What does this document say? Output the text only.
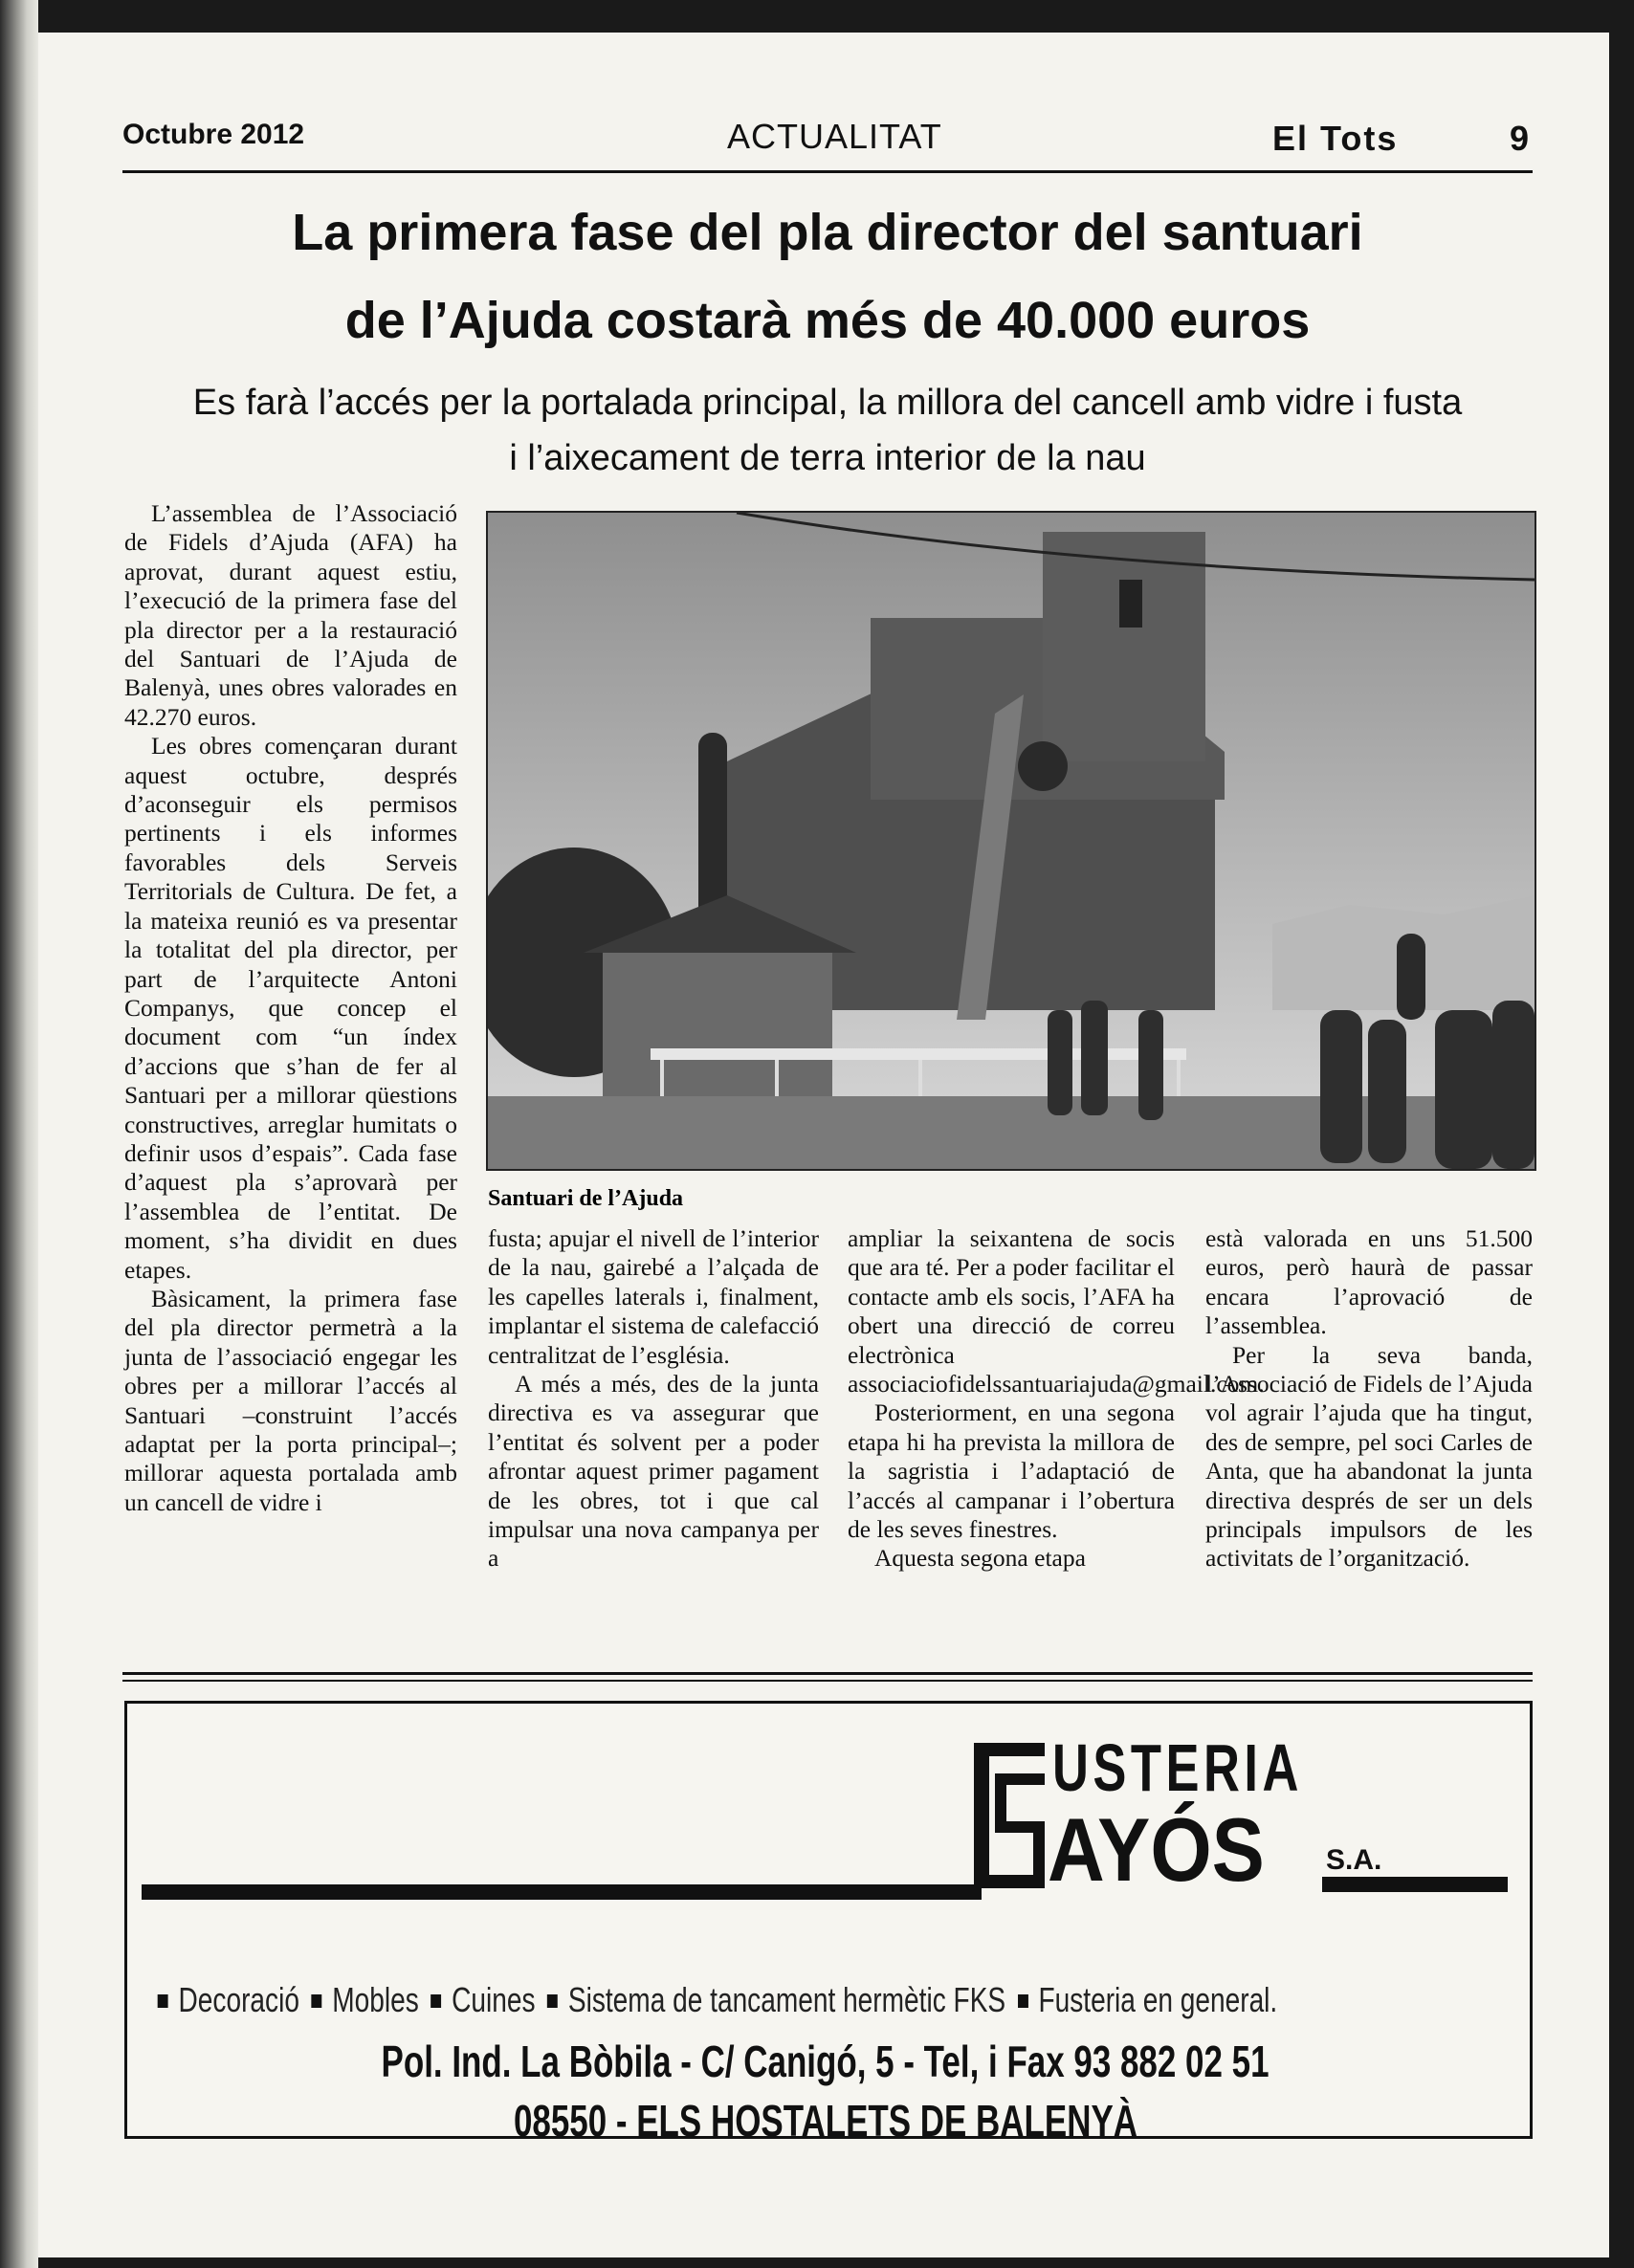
Octubre 2012	ACTUALITAT	El Tots	9
La primera fase del pla director del santuari
de l’Ajuda costarà més de 40.000 euros
Es farà l’accés per la portalada principal, la millora del cancell amb vidre i fusta
i l’aixecament de terra interior de la nau

L’assemblea de l’Associació de Fidels d’Ajuda (AFA) ha aprovat, durant aquest estiu, l’execució de la primera fase del pla director per a la restauració del Santuari de l’Ajuda de Balenyà, unes obres valorades en 42.270 euros.

Les obres començaran durant aquest octubre, després d’aconseguir els permisos pertinents i els informes favorables dels Serveis Territorials de Cultura. De fet, a la mateixa reunió es va presentar la totalitat del pla director, per part de l’arquitecte Antoni Companys, que concep el document com “un índex d’accions que s’han de fer al Santuari per a millorar qüestions constructives, arreglar humitats o definir usos d’espais”. Cada fase d’aquest pla s’aprovarà per l’assemblea de l’entitat. De moment, s’ha dividit en dues etapes.

Bàsicament, la primera fase del pla director permetrà a la junta de l’associació engegar les obres per a millorar l’accés al Santuari –construint l’accés adaptat per la porta principal–; millorar aquesta portalada amb un cancell de vidre i

Santuari de l’Ajuda

fusta; apujar el nivell de l’interior de la nau, gairebé a l’alçada de les capelles laterals i, finalment, implantar el sistema de calefacció centralitzat de l’església.

A més a més, des de la junta directiva es va assegurar que l’entitat és solvent per a poder afrontar aquest primer pagament de les obres, tot i que cal impulsar una nova campanya per a

ampliar la seixantena de socis que ara té. Per a poder facilitar el contacte amb els socis, l’AFA ha obert una direcció de correu electrònica associaciofidelssantuariajuda@gmail.com.

Posteriorment, en una segona etapa hi ha prevista la millora de la sagristia i l’adaptació de l’accés al campanar i l’obertura de les seves finestres.

Aquesta segona etapa

està valorada en uns 51.500 euros, però haurà de passar encara l’aprovació de l’assemblea.

Per la seva banda, l’Associació de Fidels de l’Ajuda vol agrair l’ajuda que ha tingut, des de sempre, pel soci Carles de Anta, que ha abandonat la junta directiva després de ser un dels principals impulsors de les activitats de l’organització.

USTERIA
AYÓS S.A.
Decoració Mobles Cuines Sistema de tancament hermètic FKS Fusteria en general.
Pol. Ind. La Bòbila - C/ Canigó, 5 - Tel, i Fax 93 882 02 51
08550 - ELS HOSTALETS DE BALENYÀ
